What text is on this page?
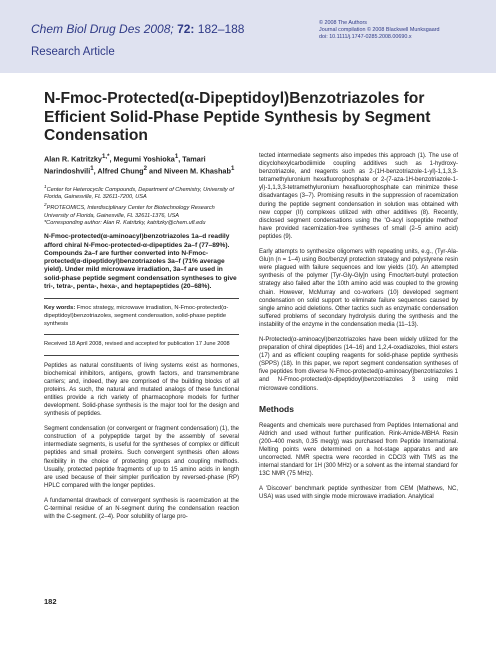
Chem Biol Drug Des 2008; 72: 182–188
Research Article
© 2008 The Authors
Journal compilation © 2008 Blackwell Munksgaard
doi: 10.1111/j.1747-0285.2008.00690.x
N-Fmoc-Protected(α-Dipeptidoyl)Benzotriazoles for Efficient Solid-Phase Peptide Synthesis by Segment Condensation

Alan R. Katritzky$^{1,*}$, Megumi Yoshioka$^1$, Tamari Narindoshvili$^1$, Alfred Chung$^2$ and Niveen M. Khashab$^1$

$^1$Center for Heterocyclic Compounds, Department of Chemistry, University of Florida, Gainesville, FL 32611-7200, USA
$^2$PROTEOMICS, Interdisciplinary Center for Biotechnology Research University of Florida, Gainesville, FL 32611-1376, USA
*Corresponding author: Alan R. Katritzky, katritzky@chem.ufl.edu

N-Fmoc-protected(α-aminoacyl)benzotriazoles 1a–d readily afford chiral N-Fmoc-protected-α-dipeptides 2a–f (77–89%). Compounds 2a–f are further converted into N-Fmoc-protected(α-dipeptidoyl)benzotriazoles 3a–f (71% average yield). Under mild microwave irradiation, 3a–f are used in solid-phase peptide segment condensation syntheses to give tri-, tetra-, penta-, hexa-, and heptapeptides (20–68%).

Key words: Fmoc strategy, microwave irradiation, N-Fmoc-protected(α-dipeptidoyl)benzotriazoles, segment condensation, solid-phase peptide synthesis

Received 18 April 2008, revised and accepted for publication 17 June 2008

Peptides as natural constituents of living systems exist as hormones, biochemical inhibitors, antigens, growth factors, and transmembrane carriers; and, indeed, they are comprised of the building blocks of all proteins. As such, the natural and mutated analogs of these functional entities provide a rich variety of pharmacophore models for further development. Solid-phase synthesis is the major tool for the design and synthesis of peptides.

Segment condensation (or convergent or fragment condensation) (1), the construction of a polypeptide target by the assembly of several intermediate segments, is useful for the syntheses of complex or difficult peptides and small proteins. Such convergent synthesis often allows flexibility in the choice of protecting groups and coupling methods. Usually, protected peptide fragments of up to 15 amino acids in length are used because of their simpler purification by reversed-phase (RP) HPLC compared with the longer peptides.

A fundamental drawback of convergent synthesis is racemization at the C-terminal residue of an N-segment during the condensation reaction with the C-segment. (2–4). Poor solubility of large pro-

tected intermediate segments also impedes this approach (1). The use of dicyclohexylcarbodiimide coupling additives such as 1-hydroxy-benzotriazole, and reagents such as 2-(1H-benzotriazole-1-yl)-1,1,3,3-tetramethyluronium hexafluorophosphate or 2-(7-aza-1H-benzotriazole-1-yl)-1,1,3,3-tetramethyluronium hexafluorophosphate can minimize these disadvantages (3–7). Promising results in the suppression of racemization during the peptide segment condensation in solution was obtained with new copper (II) complexes utilized with other additives (8). Recently, disclosed segment condensations using the 'O-acyl isopeptide method' have provided racemization-free syntheses of small (2–5 amino acid) peptides (9).

Early attempts to synthesize oligomers with repeating units, e.g., (Tyr-Ala-Glu)n (n = 1–4) using Boc/benzyl protection strategy and polystyrene resin were plagued with failure sequences and low yields (10). An attempted synthesis of the polymer [Tyr-Gly-Gly]n using Fmoc/tert-butyl protection strategy also failed after the 10th amino acid was coupled to the growing chain. However, McMurray and co-workers (10) developed segment condensation on solid support to eliminate failure sequences caused by single amino acid deletions. Other tactics such as enzymatic condensation suffered problems of secondary hydrolysis during the synthesis and the instability of the enzyme in the condensation media (11–13).

N-Protected(α-aminoacyl)benzotriazoles have been widely utilized for the preparation of chiral dipeptides (14–16) and 1,2,4-oxadiazoles, thiol esters (17) and as efficient coupling reagents for solid-phase peptide synthesis (SPPS) (18). In this paper, we report segment condensation syntheses of five peptides from diverse N-Fmoc-protected(α-aminoacyl)benzotriazoles 1 and N-Fmoc-protected(α-dipeptidoyl)benzotriazoles 3 using mild microwave conditions.

Methods

Reagents and chemicals were purchased from Peptides International and Aldrich and used without further purification. Rink-Amide-MBHA Resin (200–400 mesh, 0.35 meq/g) was purchased from Peptide International. Melting points were determined on a hot-stage apparatus and are uncorrected. NMR spectra were recorded in CDCl3 with TMS as the internal standard for 1H (300 MHz) or a solvent as the internal standard for 13C NMR (75 MHz).

A 'Discover' benchmark peptide synthesizer from CEM (Mathews, NC, USA) was used with single mode microwave irradiation. Analytical

182
